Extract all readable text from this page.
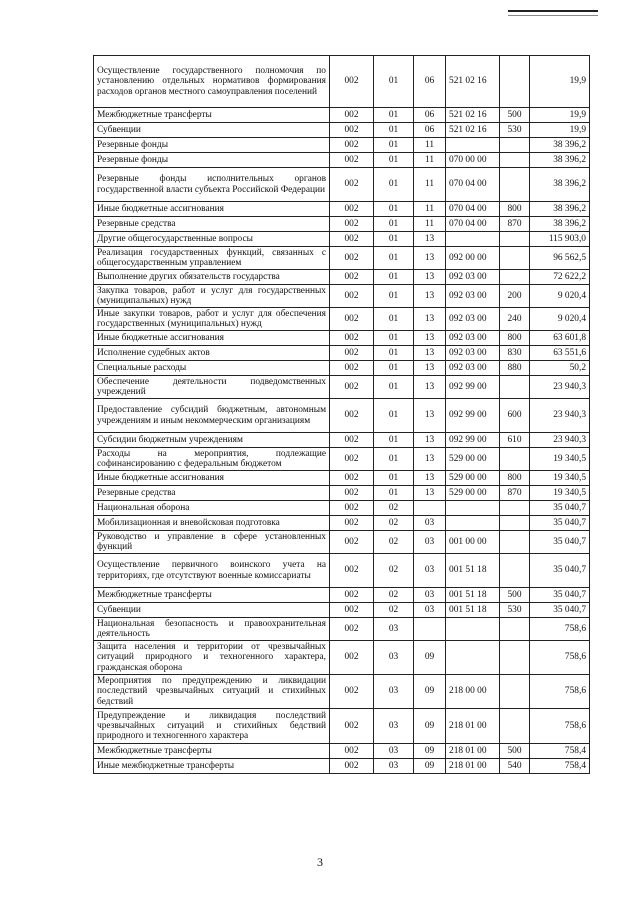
Осуществление государственного полномочия по установлению отдельных нормативов формирования расходов органов местного самоуправления поселений	002	01	06	521 02 16		19,9
Межбюджетные трансферты	002	01	06	521 02 16	500	19,9
Субвенции	002	01	06	521 02 16	530	19,9
Резервные фонды	002	01	11			38 396,2
Резервные фонды	002	01	11	070 00 00		38 396,2
Резервные фонды исполнительных органов государственной власти субъекта Российской Федерации	002	01	11	070 04 00		38 396,2
Иные бюджетные ассигнования	002	01	11	070 04 00	800	38 396,2
Резервные средства	002	01	11	070 04 00	870	38 396,2
Другие общегосударственные вопросы	002	01	13			115 903,0
Реализация государственных функций, связанных с общегосударственным управлением	002	01	13	092 00 00		96 562,5
Выполнение других обязательств государства	002	01	13	092 03 00		72 622,2
Закупка товаров, работ и услуг для государственных (муниципальных) нужд	002	01	13	092 03 00	200	9 020,4
Иные закупки товаров, работ и услуг для обеспечения государственных (муниципальных) нужд	002	01	13	092 03 00	240	9 020,4
Иные бюджетные ассигнования	002	01	13	092 03 00	800	63 601,8
Исполнение судебных актов	002	01	13	092 03 00	830	63 551,6
Специальные расходы	002	01	13	092 03 00	880	50,2
Обеспечение деятельности подведомственных учреждений	002	01	13	092 99 00		23 940,3
Предоставление субсидий бюджетным, автономным учреждениям и иным некоммерческим организациям	002	01	13	092 99 00	600	23 940,3
Субсидии бюджетным учреждениям	002	01	13	092 99 00	610	23 940,3
Расходы на мероприятия, подлежащие софинансированию с федеральным бюджетом	002	01	13	529 00 00		19 340,5
Иные бюджетные ассигнования	002	01	13	529 00 00	800	19 340,5
Резервные средства	002	01	13	529 00 00	870	19 340,5
Национальная оборона	002	02				35 040,7
Мобилизационная и вневойсковая подготовка	002	02	03			35 040,7
Руководство и управление в сфере установленных функций	002	02	03	001 00 00		35 040,7
Осуществление первичного воинского учета на территориях, где отсутствуют военные комиссариаты	002	02	03	001 51 18		35 040,7
Межбюджетные трансферты	002	02	03	001 51 18	500	35 040,7
Субвенции	002	02	03	001 51 18	530	35 040,7
Национальная безопасность и правоохранительная деятельность	002	03				758,6
Защита населения и территории от чрезвычайных ситуаций природного и техногенного характера, гражданская оборона	002	03	09			758,6
Мероприятия по предупреждению и ликвидации последствий чрезвычайных ситуаций и стихийных бедствий	002	03	09	218 00 00		758,6
Предупреждение и ликвидация последствий чрезвычайных ситуаций и стихийных бедствий природного и техногенного характера	002	03	09	218 01 00		758,6
Межбюджетные трансферты	002	03	09	218 01 00	500	758,4
Иные межбюджетные трансферты	002	03	09	218 01 00	540	758,4
3
